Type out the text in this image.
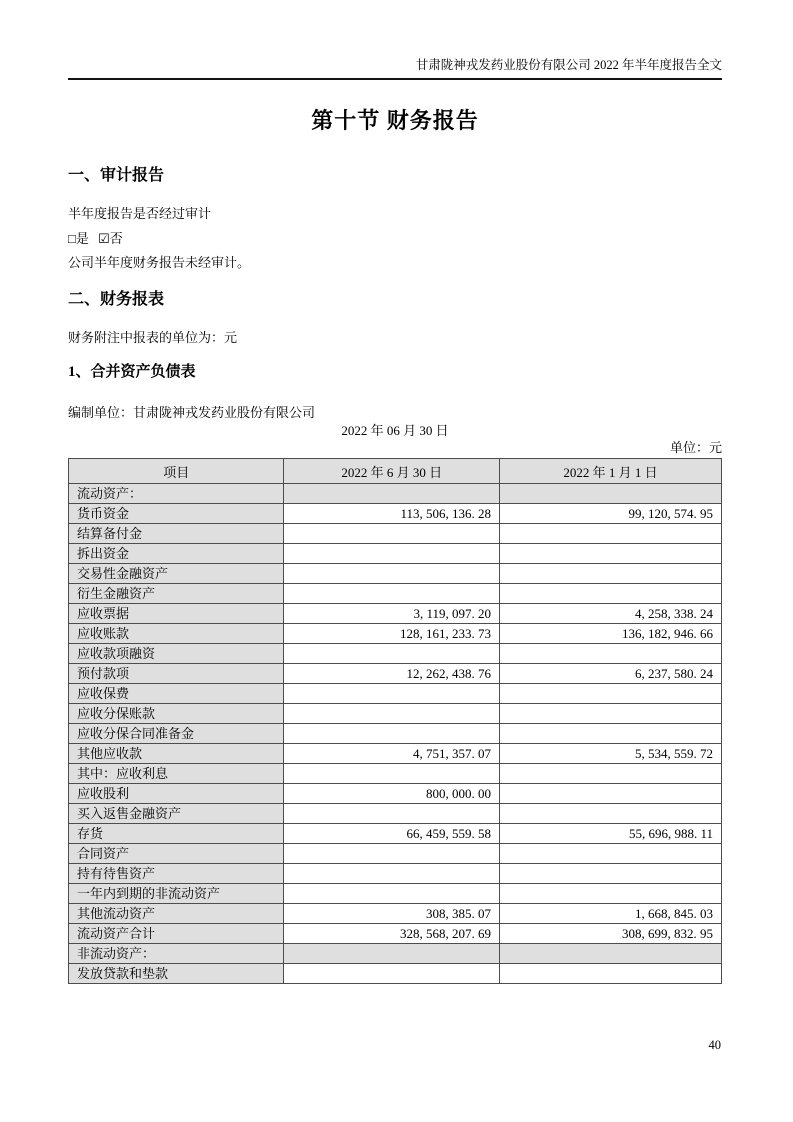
甘肃陇神戎发药业股份有限公司 2022 年半年度报告全文
第十节 财务报告
一、审计报告

半年度报告是否经过审计

□是 ☑否

公司半年度财务报告未经审计。

二、财务报表

财务附注中报表的单位为：元

1、合并资产负债表

编制单位：甘肃陇神戎发药业股份有限公司

2022 年 06 月 30 日

单位：元

项目	2022 年 6 月 30 日	2022 年 1 月 1 日
流动资产：		
货币资金	113, 506, 136. 28	99, 120, 574. 95
结算备付金		
拆出资金		
交易性金融资产		
衍生金融资产		
应收票据	3, 119, 097. 20	4, 258, 338. 24
应收账款	128, 161, 233. 73	136, 182, 946. 66
应收款项融资		
预付款项	12, 262, 438. 76	6, 237, 580. 24
应收保费		
应收分保账款		
应收分保合同准备金		
其他应收款	4, 751, 357. 07	5, 534, 559. 72
其中：应收利息		
应收股利	800, 000. 00	
买入返售金融资产		
存货	66, 459, 559. 58	55, 696, 988. 11
合同资产		
持有待售资产		
一年内到期的非流动资产		
其他流动资产	308, 385. 07	1, 668, 845. 03
流动资产合计	328, 568, 207. 69	308, 699, 832. 95
非流动资产：		
发放贷款和垫款		
40
